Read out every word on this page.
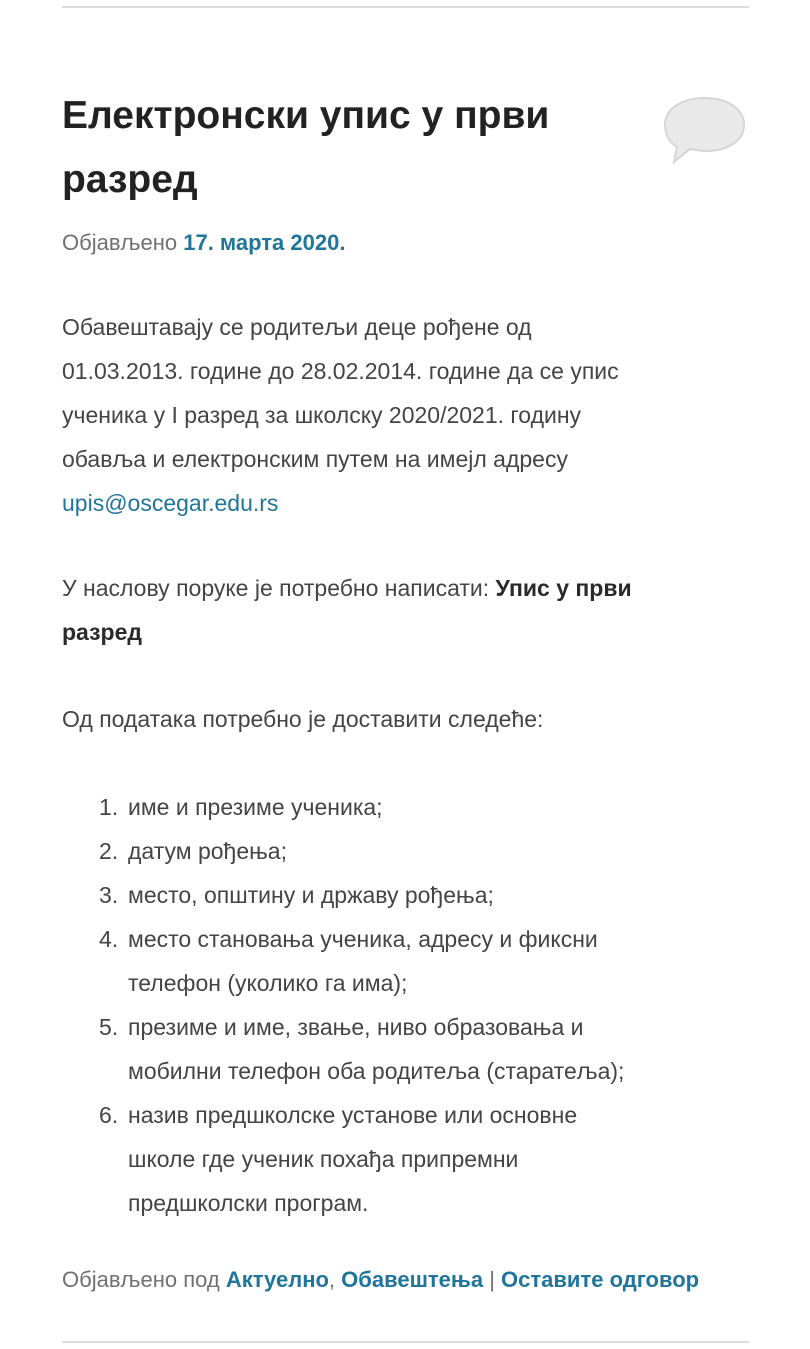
Електронски упис у први
разред
Објављено 17. марта 2020.

Обавештавају се родитељи деце рођене од
01.03.2013. године до 28.02.2014. године да се упис
ученика у I разред за школску 2020/2021. годину
обавља и електронским путем на имејл адресу
upis@oscegar.edu.rs

У наслову поруке је потребно написати: Упис у први
разред

Од података потребно је доставити следеће:

1. име и презиме ученика;
2. датум рођења;
3. место, општину и државу рођења;
4. место становања ученика, адресу и фиксни
телефон (уколико га има);
5. презиме и име, звање, ниво образовања и
мобилни телефон оба родитеља (старатеља);
6. назив предшколске установе или основне
школе где ученик похађа припремни
предшколски програм.
Објављено под Актуелно, Обавештења | Оставите одговор
